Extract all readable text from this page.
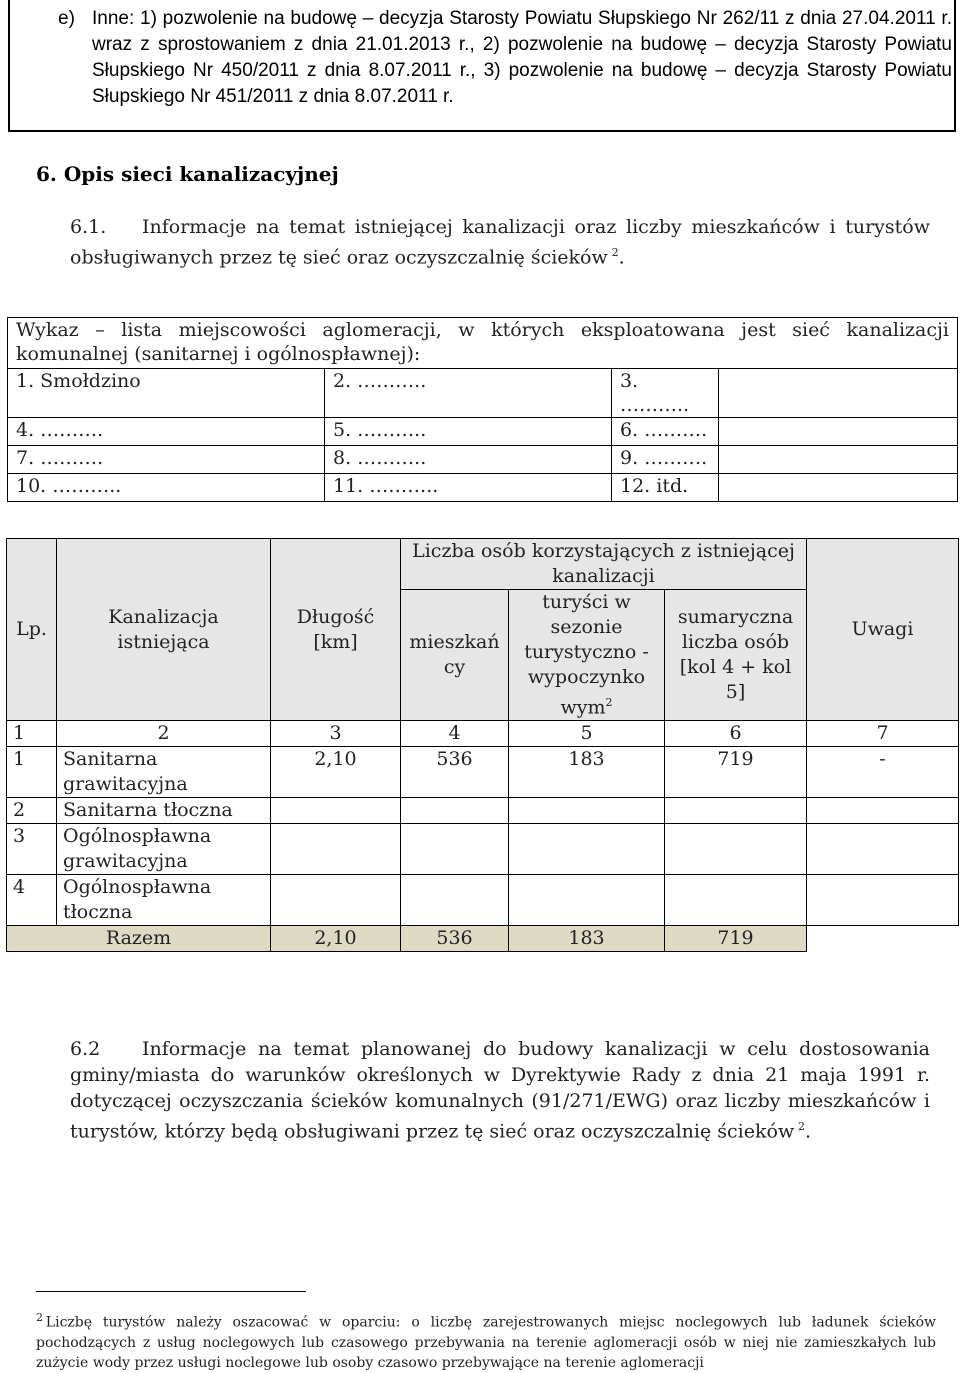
e) Inne: 1) pozwolenie na budowę – decyzja Starosty Powiatu Słupskiego Nr 262/11 z dnia 27.04.2011 r. wraz z sprostowaniem z dnia 21.01.2013 r., 2) pozwolenie na budowę – decyzja Starosty Powiatu Słupskiego Nr 450/2011 z dnia 8.07.2011 r., 3) pozwolenie na budowę – decyzja Starosty Powiatu Słupskiego Nr 451/2011 z dnia 8.07.2011 r.
6. Opis sieci kanalizacyjnej
6.1. Informacje na temat istniejącej kanalizacji oraz liczby mieszkańców i turystów obsługiwanych przez tę sieć oraz oczyszczalnię ścieków  $^2$.
Wykaz – lista miejscowości aglomeracji, w których eksploatowana jest sieć kanalizacji komunalnej (sanitarnej i ogólnospławnej):			
1. Smołdzino	2. ………..	3. ………..	
4. ……….	5. ………..	6. ……….	
7. ……….	8. ………..	9. ……….	
10. ………..	11. ………..	12. itd.	
Lp.	Kanalizacja istniejąca	Długość [km]	Liczba osób korzystających z istniejącej kanalizacji			Uwagi
			mieszkań cy	turyści w sezonie turystyczno - wypoczynko wym$^2$	sumaryczna liczba osób [kol 4 + kol 5]	
1	2	3	4	5	6	7
1	Sanitarna grawitacyjna	2,10	536	183	719	-
2	Sanitarna tłoczna					
3	Ogólnospławna grawitacyjna					
4	Ogólnospławna tłoczna					
Razem		2,10	536	183	719	
6.2 Informacje na temat planowanej do budowy kanalizacji w celu dostosowania gminy/miasta do warunków określonych w Dyrektywie Rady z dnia 21 maja 1991 r. dotyczącej oczyszczania ścieków komunalnych (91/271/EWG) oraz liczby mieszkańców i turystów, którzy będą obsługiwani przez tę sieć oraz oczyszczalnię ścieków  $^2$.
$^2$  Liczbę turystów należy oszacować w oparciu: o liczbę zarejestrowanych miejsc noclegowych lub ładunek ścieków pochodzących z usług noclegowych lub czasowego przebywania na terenie aglomeracji osób w niej nie zamieszkałych lub zużycie wody przez usługi noclegowe lub osoby czasowo przebywające na terenie aglomeracji
